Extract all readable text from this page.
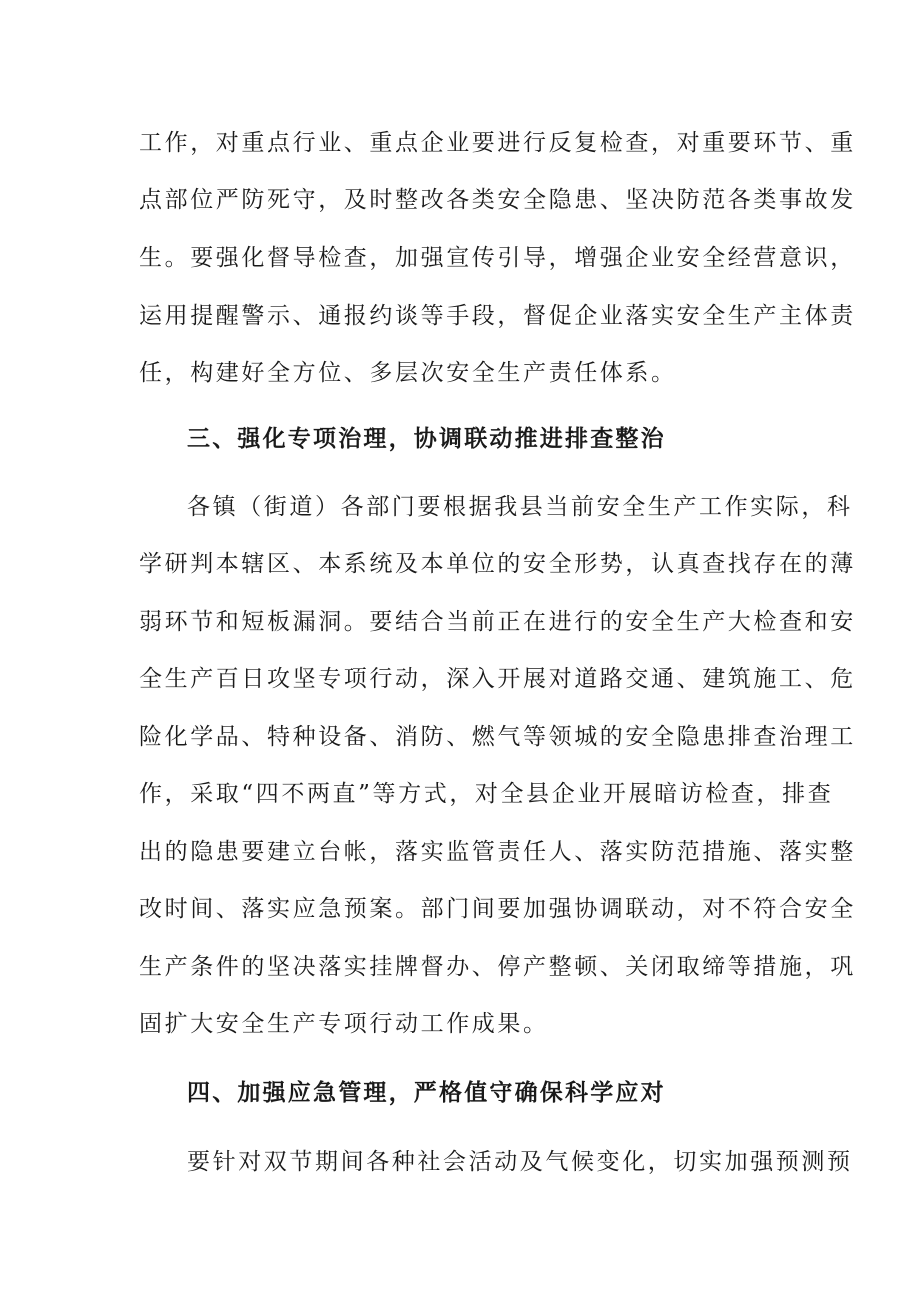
工作，对重点行业、重点企业要进行反复检查，对重要环节、重
点部位严防死守，及时整改各类安全隐患、坚决防范各类事故发
生。要强化督导检查，加强宣传引导，增强企业安全经营意识，
运用提醒警示、通报约谈等手段，督促企业落实安全生产主体责
任，构建好全方位、多层次安全生产责任体系。
三、强化专项治理，协调联动推进排查整治
各镇（街道）各部门要根据我县当前安全生产工作实际，科
学研判本辖区、本系统及本单位的安全形势，认真查找存在的薄
弱环节和短板漏洞。要结合当前正在进行的安全生产大检查和安
全生产百日攻坚专项行动，深入开展对道路交通、建筑施工、危
险化学品、特种设备、消防、燃气等领城的安全隐患排查治理工
作，采取“四不两直”等方式，对全县企业开展暗访检查，排查
出的隐患要建立台帐，落实监管责任人、落实防范措施、落实整
改时间、落实应急预案。部门间要加强协调联动，对不符合安全
生产条件的坚决落实挂牌督办、停产整顿、关闭取缔等措施，巩
固扩大安全生产专项行动工作成果。
四、加强应急管理，严格值守确保科学应对
要针对双节期间各种社会活动及气候变化，切实加强预测预
